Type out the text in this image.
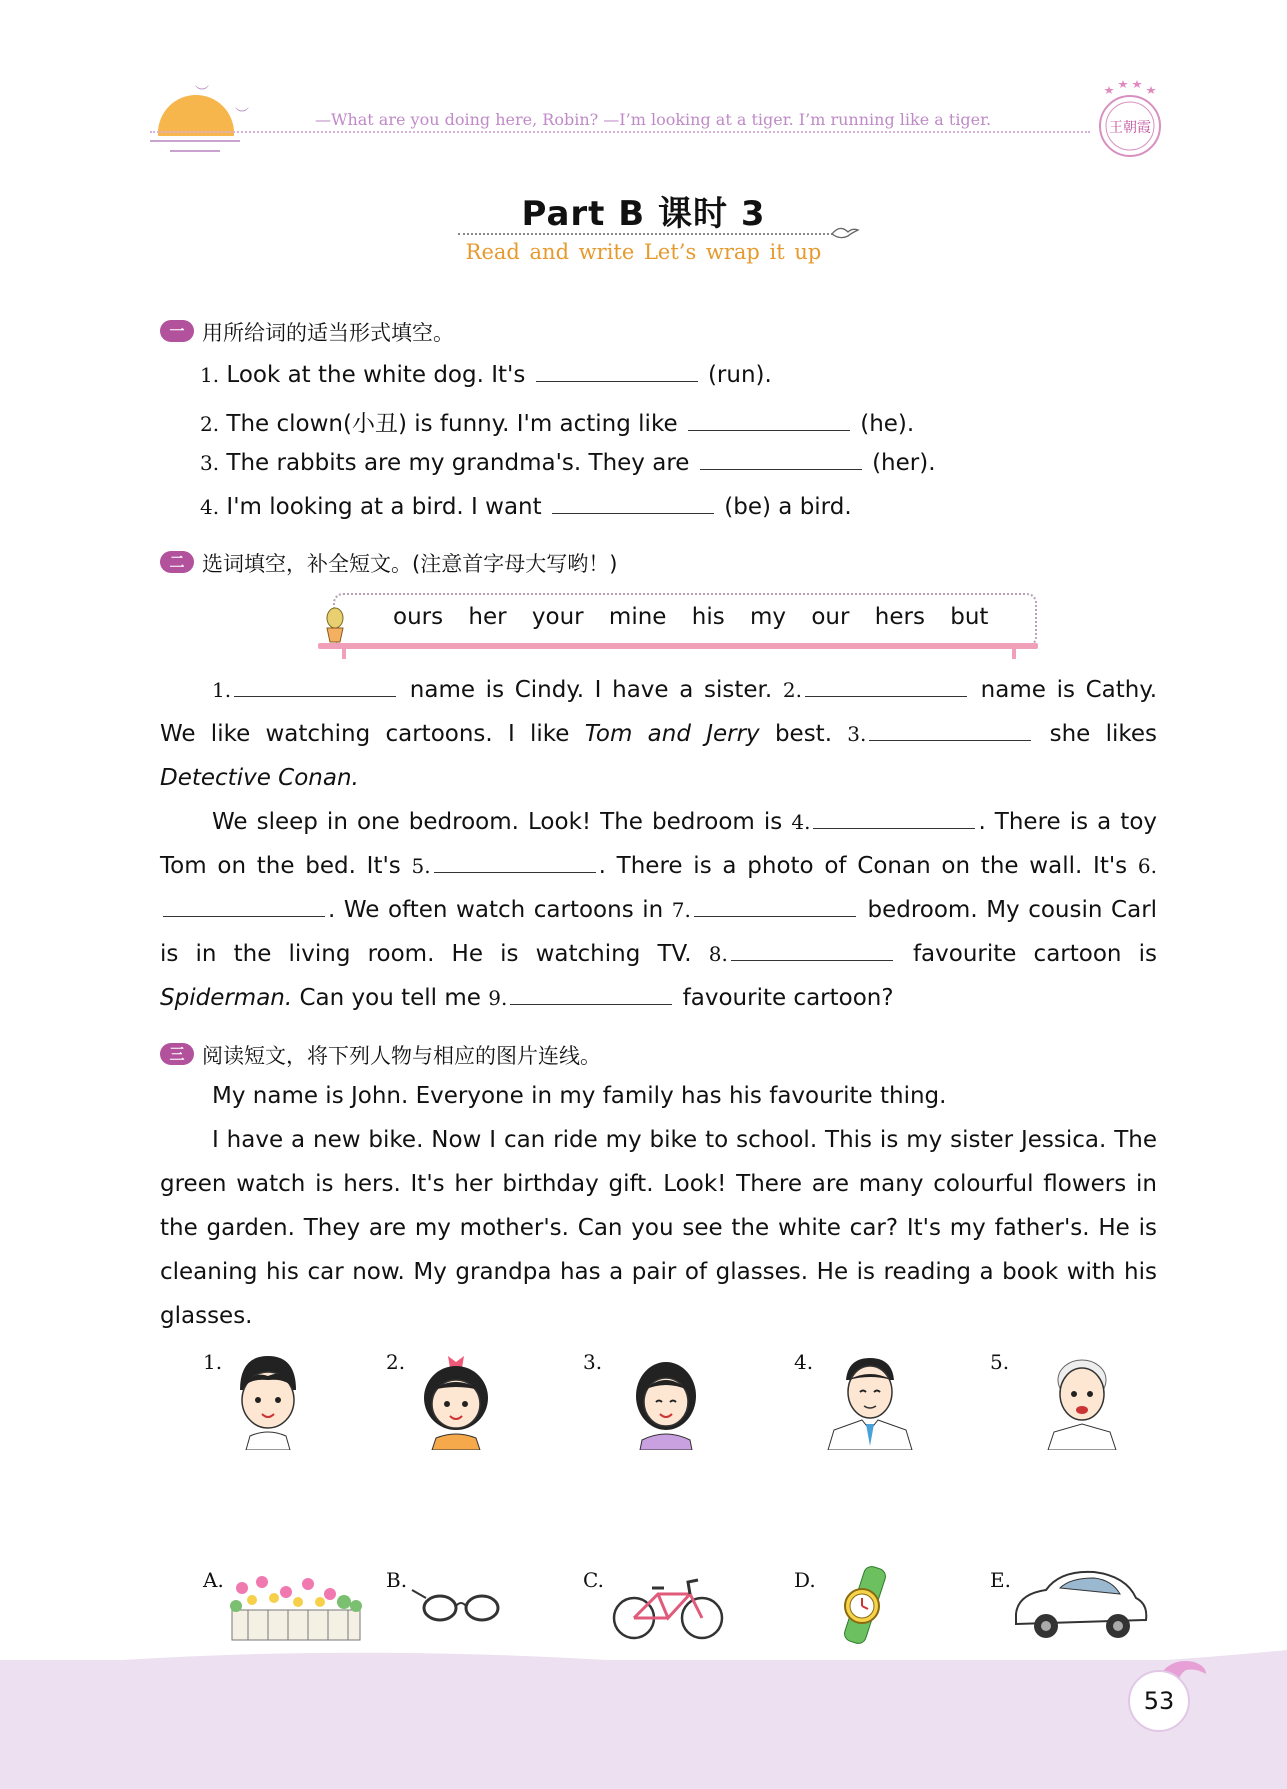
︶
︶	—What are you doing here, Robin? —I’m looking at a tiger. I’m running like a tiger.	王朝霞
Part B 课时 3
Read and write Let’s wrap it up
一 用所给词的适当形式填空。
1. Look at the white dog. It's	(run).
2. The clown(小丑) is funny. I'm acting like	(he).
3. The rabbits are my grandma's. They are	(her).
4. I'm looking at a bird. I want	(be) a bird.
二 选词填空，补全短文。(注意首字母大写哟！)
ours her your mine his my our hers but

1.	name is Cindy. I have a sister. 2.	name is Cathy. We like watching cartoons. I like Tom and Jerry best. 3.	she likes Detective Conan.

We sleep in one bedroom. Look! The bedroom is 4.	. There is a toy Tom on the bed. It's 5.	. There is a photo of Conan on the wall. It's 6.. We often watch cartoons in 7.	bedroom. My cousin Carl is in the living room. He is watching TV. 8.	favourite cartoon is Spiderman. Can you tell me 9.	favourite cartoon?

三 阅读短文，将下列人物与相应的图片连线。

My name is John. Everyone in my family has his favourite thing.

I have a new bike. Now I can ride my bike to school. This is my sister Jessica. The green watch is hers. It's her birthday gift. Look! There are many colourful flowers in the garden. They are my mother's. Can you see the white car? It's my father's. He is cleaning his car now. My grandpa has a pair of glasses. He is reading a book with his glasses.

1.	2.	3.	4.	5.
A.	B.	C.	D.	E.
53
